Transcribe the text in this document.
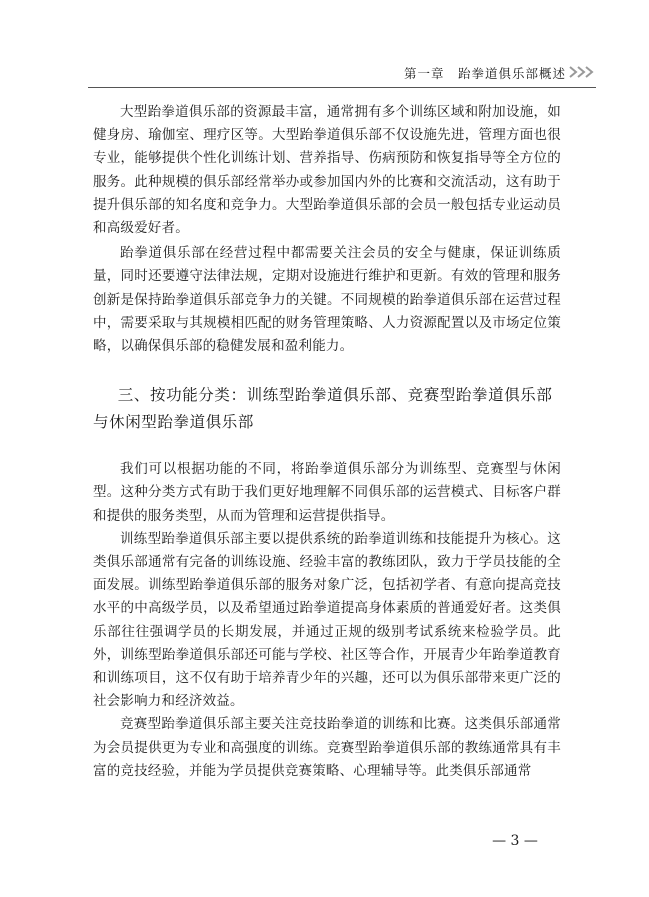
第一章　跆拳道俱乐部概述

大型跆拳道俱乐部的资源最丰富，通常拥有多个训练区域和附加设施，如健身房、瑜伽室、理疗区等。大型跆拳道俱乐部不仅设施先进，管理方面也很专业，能够提供个性化训练计划、营养指导、伤病预防和恢复指导等全方位的服务。此种规模的俱乐部经常举办或参加国内外的比赛和交流活动，这有助于提升俱乐部的知名度和竞争力。大型跆拳道俱乐部的会员一般包括专业运动员和高级爱好者。

跆拳道俱乐部在经营过程中都需要关注会员的安全与健康，保证训练质量，同时还要遵守法律法规，定期对设施进行维护和更新。有效的管理和服务创新是保持跆拳道俱乐部竞争力的关键。不同规模的跆拳道俱乐部在运营过程中，需要采取与其规模相匹配的财务管理策略、人力资源配置以及市场定位策略，以确保俱乐部的稳健发展和盈利能力。

三、按功能分类：训练型跆拳道俱乐部、竞赛型跆拳道俱乐部与休闲型跆拳道俱乐部

我们可以根据功能的不同，将跆拳道俱乐部分为训练型、竞赛型与休闲型。这种分类方式有助于我们更好地理解不同俱乐部的运营模式、目标客户群和提供的服务类型，从而为管理和运营提供指导。

训练型跆拳道俱乐部主要以提供系统的跆拳道训练和技能提升为核心。这类俱乐部通常有完备的训练设施、经验丰富的教练团队，致力于学员技能的全面发展。训练型跆拳道俱乐部的服务对象广泛，包括初学者、有意向提高竞技水平的中高级学员，以及希望通过跆拳道提高身体素质的普通爱好者。这类俱乐部往往强调学员的长期发展，并通过正规的级别考试系统来检验学员。此外，训练型跆拳道俱乐部还可能与学校、社区等合作，开展青少年跆拳道教育和训练项目，这不仅有助于培养青少年的兴趣，还可以为俱乐部带来更广泛的社会影响力和经济效益。

竞赛型跆拳道俱乐部主要关注竞技跆拳道的训练和比赛。这类俱乐部通常为会员提供更为专业和高强度的训练。竞赛型跆拳道俱乐部的教练通常具有丰富的竞技经验，并能为学员提供竞赛策略、心理辅导等。此类俱乐部通常

— 3 —
